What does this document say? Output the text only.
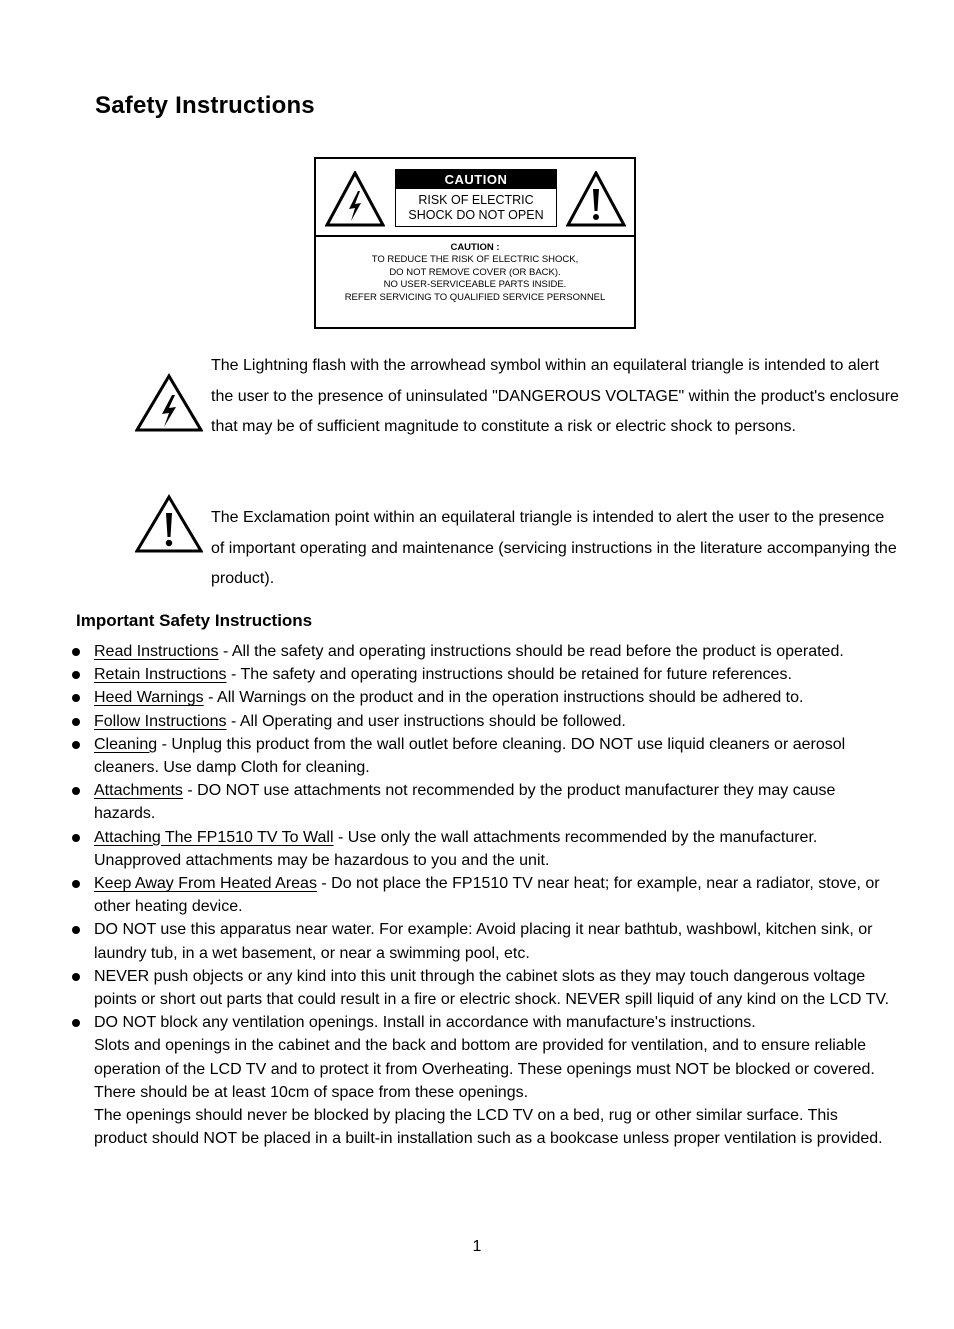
Safety Instructions
CAUTION
RISK OF ELECTRIC
SHOCK DO NOT OPEN
CAUTION :
TO REDUCE THE RISK OF ELECTRIC SHOCK,
DO NOT REMOVE COVER (OR BACK).
NO USER-SERVICEABLE PARTS INSIDE.
REFER SERVICING TO QUALIFIED SERVICE PERSONNEL

The Lightning flash with the arrowhead symbol within an equilateral triangle is intended to alert the user to the presence of uninsulated "DANGEROUS VOLTAGE" within the product's enclosure that may be of sufficient magnitude to constitute a risk or electric shock to persons.

The Exclamation point within an equilateral triangle is intended to alert the user to the presence of important operating and maintenance (servicing instructions in the literature accompanying the product).

Important Safety Instructions
Read Instructions - All the safety and operating instructions should be read before the product is operated.
Retain Instructions - The safety and operating instructions should be retained for future references.
Heed Warnings - All Warnings on the product and in the operation instructions should be adhered to.
Follow Instructions - All Operating and user instructions should be followed.
Cleaning - Unplug this product from the wall outlet before cleaning. DO NOT use liquid cleaners or aerosol cleaners. Use damp Cloth for cleaning.
Attachments - DO NOT use attachments not recommended by the product manufacturer they may cause hazards.
Attaching The FP1510 TV To Wall - Use only the wall attachments recommended by the manufacturer. Unapproved attachments may be hazardous to you and the unit.
Keep Away From Heated Areas - Do not place the FP1510 TV near heat; for example, near a radiator, stove, or other heating device.
DO NOT use this apparatus near water. For example: Avoid placing it near bathtub, washbowl, kitchen sink, or laundry tub, in a wet basement, or near a swimming pool, etc.
NEVER push objects or any kind into this unit through the cabinet slots as they may touch dangerous voltage points or short out parts that could result in a fire or electric shock. NEVER spill liquid of any kind on the LCD TV.
DO NOT block any ventilation openings. Install in accordance with manufacture's instructions.
Slots and openings in the cabinet and the back and bottom are provided for ventilation, and to ensure reliable operation of the LCD TV and to protect it from Overheating. These openings must NOT be blocked or covered. There should be at least 10cm of space from these openings.
The openings should never be blocked by placing the LCD TV on a bed, rug or other similar surface. This product should NOT be placed in a built-in installation such as a bookcase unless proper ventilation is provided.
1
